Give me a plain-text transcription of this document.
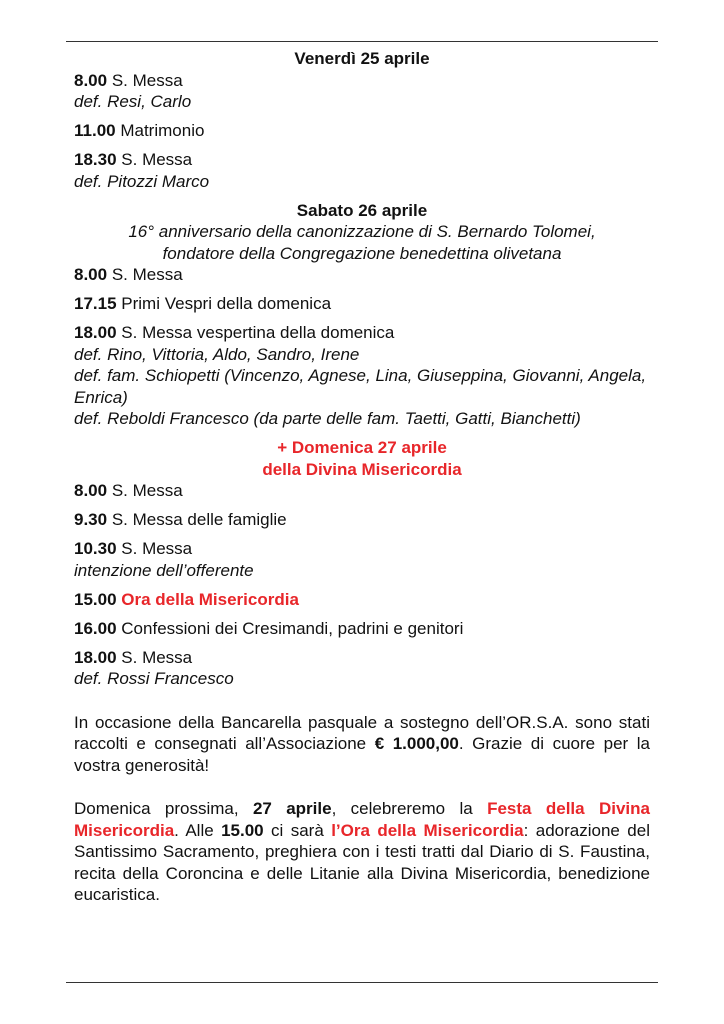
Venerdì 25 aprile

8.00 S. Messa
def. Resi, Carlo
11.00 Matrimonio
18.30 S. Messa
def. Pitozzi Marco

Sabato 26 aprile

16° anniversario della canonizzazione di S. Bernardo Tolomei,

fondatore della Congregazione benedettina olivetana

8.00 S. Messa
17.15 Primi Vespri della domenica
18.00 S. Messa vespertina della domenica
def. Rino, Vittoria, Aldo, Sandro, Irene
def. fam. Schiopetti (Vincenzo, Agnese, Lina, Giuseppina, Giovanni, Angela, Enrica)
def. Reboldi Francesco (da parte delle fam. Taetti, Gatti, Bianchetti)

+ Domenica 27 aprile

della Divina Misericordia

8.00 S. Messa
9.30 S. Messa delle famiglie
10.30 S. Messa
intenzione dell’offerente
15.00 Ora della Misericordia
16.00 Confessioni dei Cresimandi, padrini e genitori
18.00 S. Messa
def. Rossi Francesco

In occasione della Bancarella pasquale a sostegno dell’OR.S.A. sono stati raccolti e consegnati all’Associazione € 1.000,00. Grazie di cuore per la vostra generosità!

Domenica prossima, 27 aprile, celebreremo la Festa della Divina Misericordia. Alle 15.00 ci sarà l’Ora della Misericordia: adorazione del Santissimo Sacramento, preghiera con i testi tratti dal Diario di S. Faustina, recita della Coroncina e delle Litanie alla Divina Misericordia, benedizione eucaristica.
